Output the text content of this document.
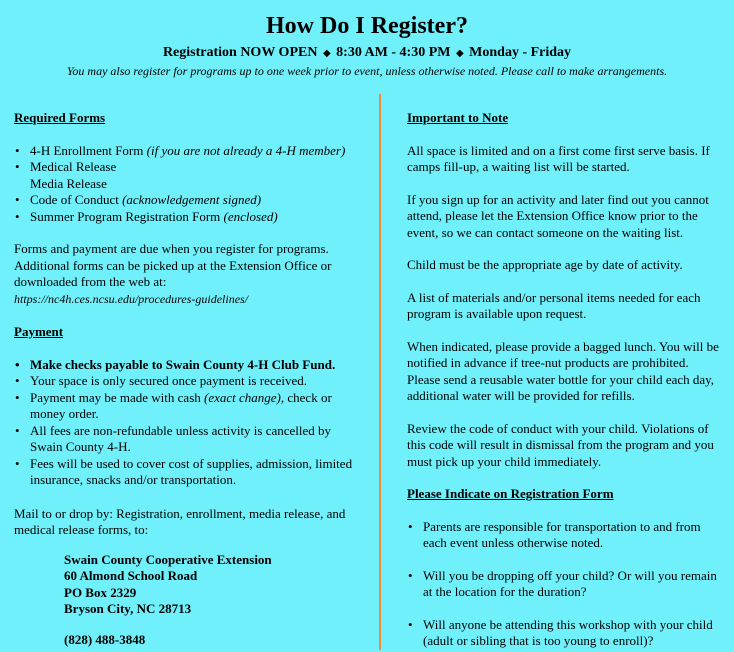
How Do I Register?
Registration NOW OPEN ◆ 8:30 AM - 4:30 PM ◆ Monday - Friday
You may also register for programs up to one week prior to event, unless otherwise noted. Please call to make arrangements.

Required Forms

• 4-H Enrollment Form (if you are not already a 4-H member)
• Medical Release
Media Release
• Code of Conduct (acknowledgement signed)
• Summer Program Registration Form (enclosed)

Forms and payment are due when you register for programs. Additional forms can be picked up at the Extension Office or downloaded from the web at:

https://nc4h.ces.ncsu.edu/procedures-guidelines/

Payment

• Make checks payable to Swain County 4-H Club Fund.
• Your space is only secured once payment is received.
• Payment may be made with cash (exact change), check or money order.
• All fees are non-refundable unless activity is cancelled by Swain County 4-H.
• Fees will be used to cover cost of supplies, admission, limited insurance, snacks and/or transportation.

Mail to or drop by: Registration, enrollment, media release, and medical release forms, to:

Swain County Cooperative Extension
60 Almond School Road
PO Box 2329
Bryson City, NC 28713
(828) 488-3848

Important to Note

All space is limited and on a first come first serve basis. If camps fill-up, a waiting list will be started.

If you sign up for an activity and later find out you cannot attend, please let the Extension Office know prior to the event, so we can contact someone on the waiting list.

Child must be the appropriate age by date of activity.

A list of materials and/or personal items needed for each program is available upon request.

When indicated, please provide a bagged lunch. You will be notified in advance if tree-nut products are prohibited. Please send a reusable water bottle for your child each day, additional water will be provided for refills.

Review the code of conduct with your child. Violations of this code will result in dismissal from the program and you must pick up your child immediately.

Please Indicate on Registration Form

• Parents are responsible for transportation to and from each event unless otherwise noted.
• Will you be dropping off your child? Or will you remain at the location for the duration?
• Will anyone be attending this workshop with your child (adult or sibling that is too young to enroll)?
